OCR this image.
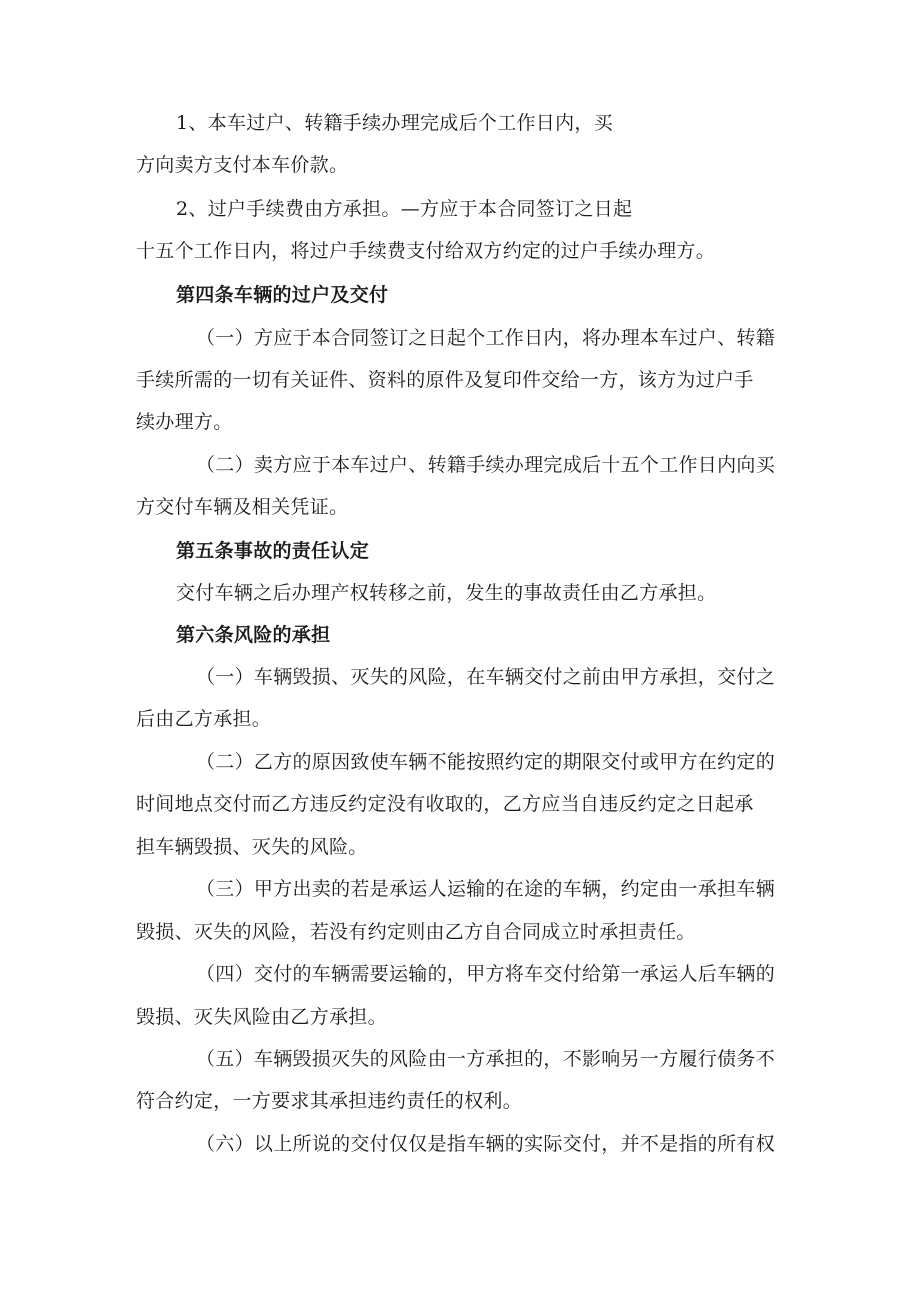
1、本车过户、转籍手续办理完成后个工作日内，买
方向卖方支付本车价款。
2、过户手续费由方承担。—方应于本合同签订之日起
十五个工作日内，将过户手续费支付给双方约定的过户手续办理方。
第四条车辆的过户及交付
（一）方应于本合同签订之日起个工作日内，将办理本车过户、转籍
手续所需的一切有关证件、资料的原件及复印件交给一方，该方为过户手
续办理方。
（二）卖方应于本车过户、转籍手续办理完成后十五个工作日内向买
方交付车辆及相关凭证。
第五条事故的责任认定
交付车辆之后办理产权转移之前，发生的事故责任由乙方承担。
第六条风险的承担
（一）车辆毁损、灭失的风险，在车辆交付之前由甲方承担，交付之
后由乙方承担。
（二）乙方的原因致使车辆不能按照约定的期限交付或甲方在约定的
时间地点交付而乙方违反约定没有收取的，乙方应当自违反约定之日起承
担车辆毁损、灭失的风险。
（三）甲方出卖的若是承运人运输的在途的车辆，约定由一承担车辆
毁损、灭失的风险，若没有约定则由乙方自合同成立时承担责任。
（四）交付的车辆需要运输的，甲方将车交付给第一承运人后车辆的
毁损、灭失风险由乙方承担。
（五）车辆毁损灭失的风险由一方承担的，不影响另一方履行债务不
符合约定，一方要求其承担违约责任的权利。
（六）以上所说的交付仅仅是指车辆的实际交付，并不是指的所有权
